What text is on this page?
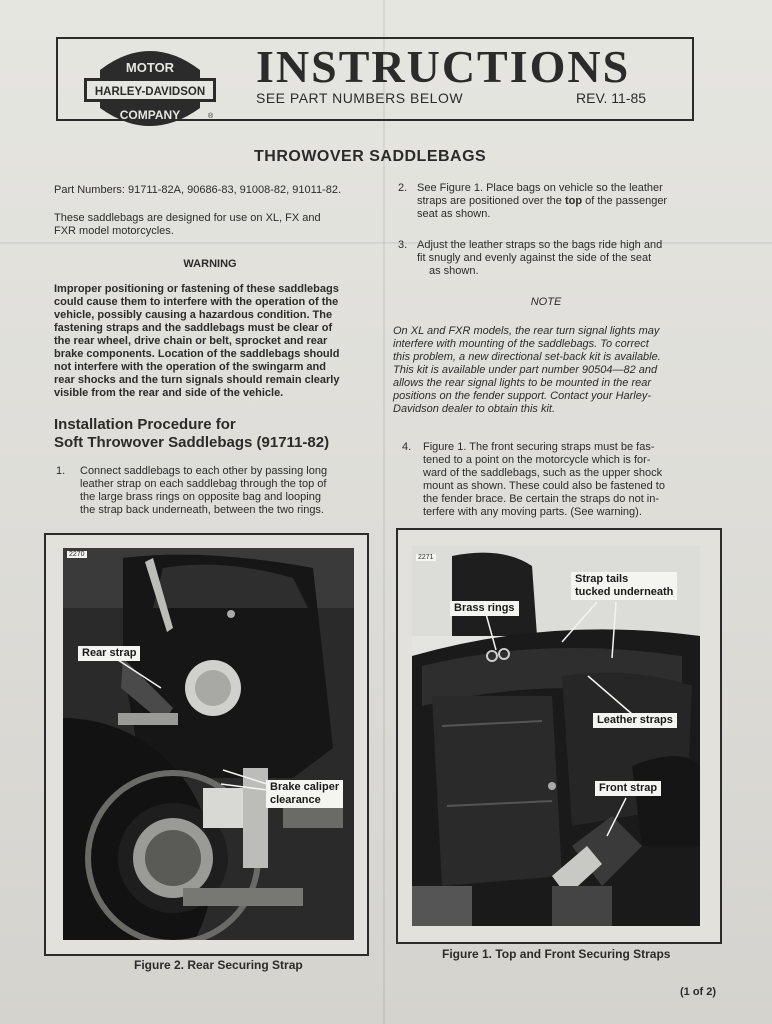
MOTOR
HARLEY-DAVIDSON
COMPANY	®
INSTRUCTIONS
SEE PART NUMBERS BELOW	REV. 11-85
THROWOVER SADDLEBAGS
Part Numbers: 91711-82A, 90686-83, 91008-82, 91011-82.
These saddlebags are designed for use on XL, FX and
FXR model motorcycles.
WARNING
Improper positioning or fastening of these saddlebags
could cause them to interfere with the operation of the
vehicle, possibly causing a hazardous condition. The
fastening straps and the saddlebags must be clear of
the rear wheel, drive chain or belt, sprocket and rear
brake components. Location of the saddlebags should
not interfere with the operation of the swingarm and
rear shocks and the turn signals should remain clearly
visible from the rear and side of the vehicle.
Installation Procedure for
Soft Throwover Saddlebags (91711-82)
1. Connect saddlebags to each other by passing long
leather strap on each saddlebag through the top of
the large brass rings on opposite bag and looping
the strap back underneath, between the two rings.
2. See Figure 1. Place bags on vehicle so the leather
straps are positioned over the top of the passenger
seat as shown.
3. Adjust the leather straps so the bags ride high and
fit snugly and evenly against the side of the seat
as shown.
NOTE
On XL and FXR models, the rear turn signal lights may
interfere with mounting of the saddlebags. To correct
this problem, a new directional set-back kit is available.
This kit is available under part number 90504—82 and
allows the rear signal lights to be mounted in the rear
positions on the fender support. Contact your Harley-
Davidson dealer to obtain this kit.
4. Figure 1. The front securing straps must be fas-
tened to a point on the motorcycle which is for-
ward of the saddlebags, such as the upper shock
mount as shown. These could also be fastened to
the fender brace. Be certain the straps do not in-
terfere with any moving parts. (See warning).
2270
Rear strap
Brake caliper
clearance
Figure 2. Rear Securing Strap
2271
Brass rings
Strap tails
tucked underneath
Leather straps
Front strap
Figure 1. Top and Front Securing Straps
(1 of 2)
